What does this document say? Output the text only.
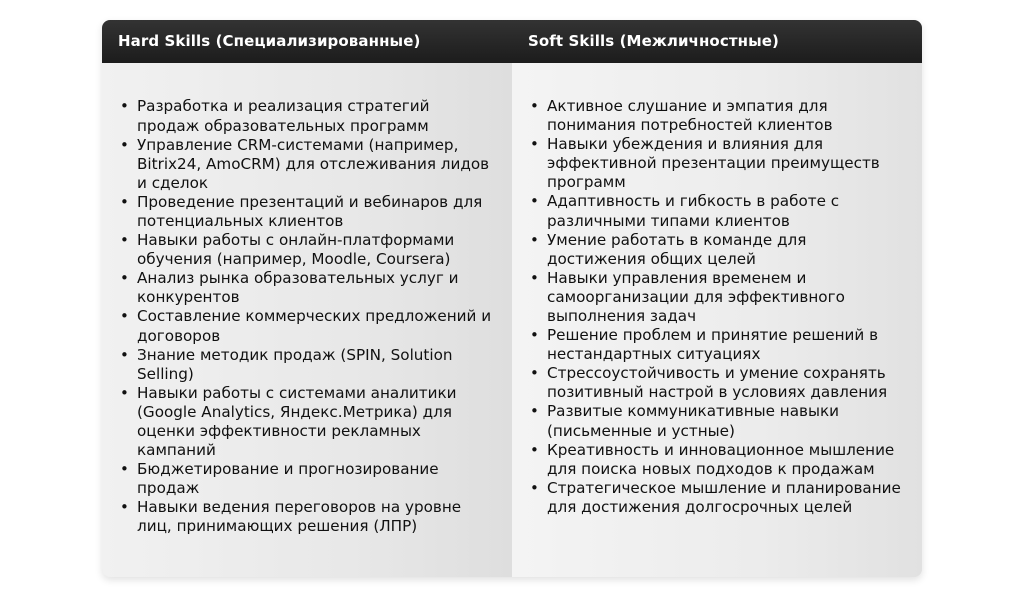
Hard Skills (Специализированные)	Soft Skills (Межличностные)
• Разработка и реализация стратегий продаж образовательных программ
• Управление CRM-системами (например, Bitrix24, AmoCRM) для отслеживания лидов и сделок
• Проведение презентаций и вебинаров для потенциальных клиентов
• Навыки работы с онлайн-платформами обучения (например, Moodle, Coursera)
• Анализ рынка образовательных услуг и конкурентов
• Составление коммерческих предложений и договоров
• Знание методик продаж (SPIN, Solution Selling)
• Навыки работы с системами аналитики (Google Analytics, Яндекс.Метрика) для оценки эффективности рекламных кампаний
• Бюджетирование и прогнозирование продаж
• Навыки ведения переговоров на уровне лиц, принимающих решения (ЛПР)
• Активное слушание и эмпатия для понимания потребностей клиентов
• Навыки убеждения и влияния для эффективной презентации преимуществ программ
• Адаптивность и гибкость в работе с различными типами клиентов
• Умение работать в команде для достижения общих целей
• Навыки управления временем и самоорганизации для эффективного выполнения задач
• Решение проблем и принятие решений в нестандартных ситуациях
• Стрессоустойчивость и умение сохранять позитивный настрой в условиях давления
• Развитые коммуникативные навыки (письменные и устные)
• Креативность и инновационное мышление для поиска новых подходов к продажам
• Стратегическое мышление и планирование для достижения долгосрочных целей
